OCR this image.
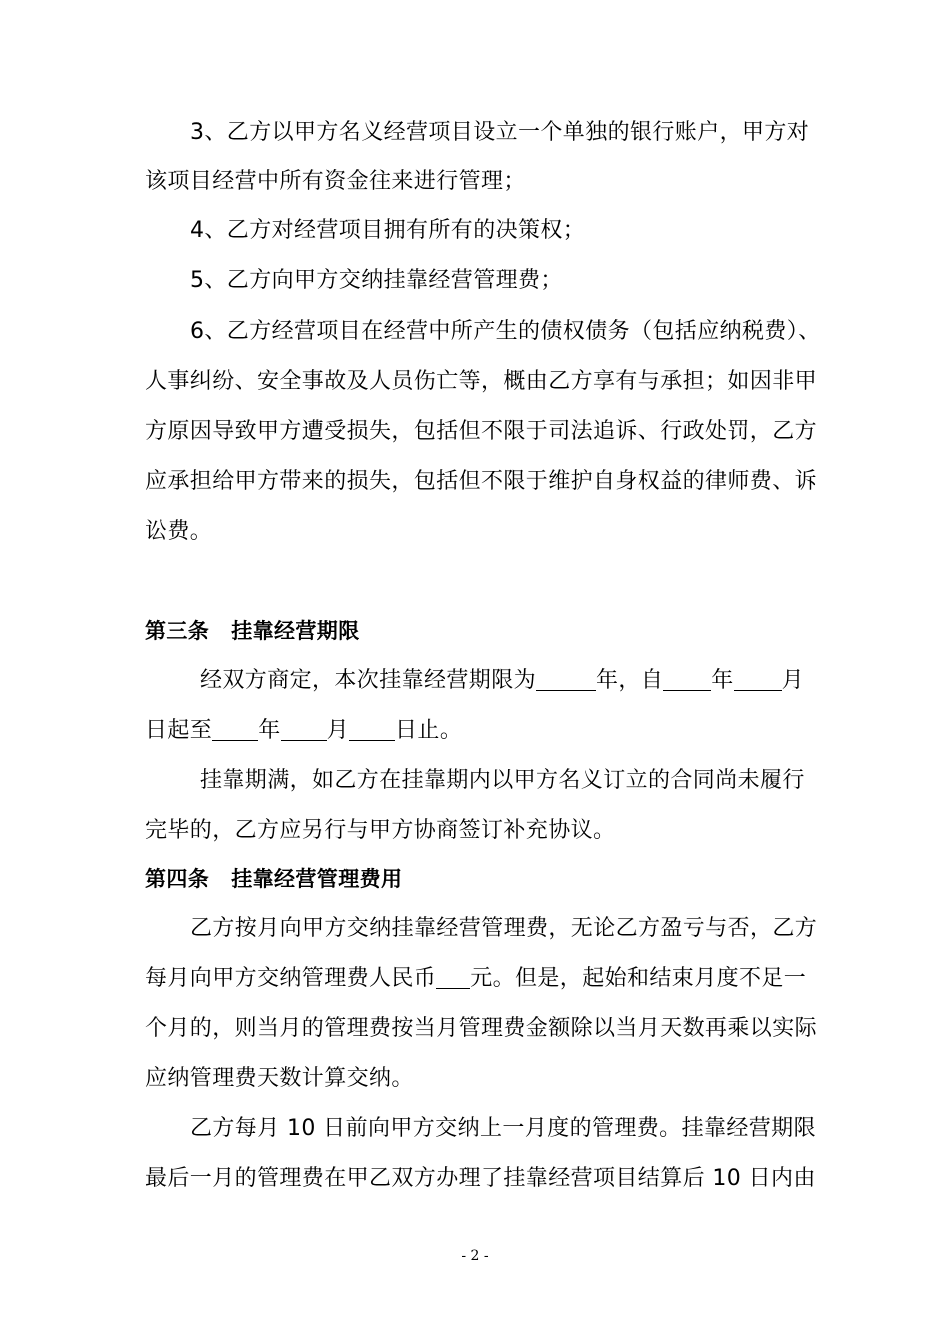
3、乙方以甲方名义经营项目设立一个单独的银行账户，甲方对
该项目经营中所有资金往来进行管理；
4、乙方对经营项目拥有所有的决策权；
5、乙方向甲方交纳挂靠经营管理费；
6、乙方经营项目在经营中所产生的债权债务（包括应纳税费）、
人事纠纷、安全事故及人员伤亡等，概由乙方享有与承担；如因非甲
方原因导致甲方遭受损失，包括但不限于司法追诉、行政处罚，乙方
应承担给甲方带来的损失，包括但不限于维护自身权益的律师费、诉
讼费。
第三条 挂靠经营期限
经双方商定，本次挂靠经营期限为	年，自 年 月
日起至 年 月 日止。
挂靠期满，如乙方在挂靠期内以甲方名义订立的合同尚未履行
完毕的，乙方应另行与甲方协商签订补充协议。
第四条 挂靠经营管理费用
乙方按月向甲方交纳挂靠经营管理费，无论乙方盈亏与否，乙方
每月向甲方交纳管理费人民币 元。但是，起始和结束月度不足一
个月的，则当月的管理费按当月管理费金额除以当月天数再乘以实际
应纳管理费天数计算交纳。
乙方每月 10 日前向甲方交纳上一月度的管理费。挂靠经营期限
最后一月的管理费在甲乙双方办理了挂靠经营项目结算后 10 日内由
- 2 -
